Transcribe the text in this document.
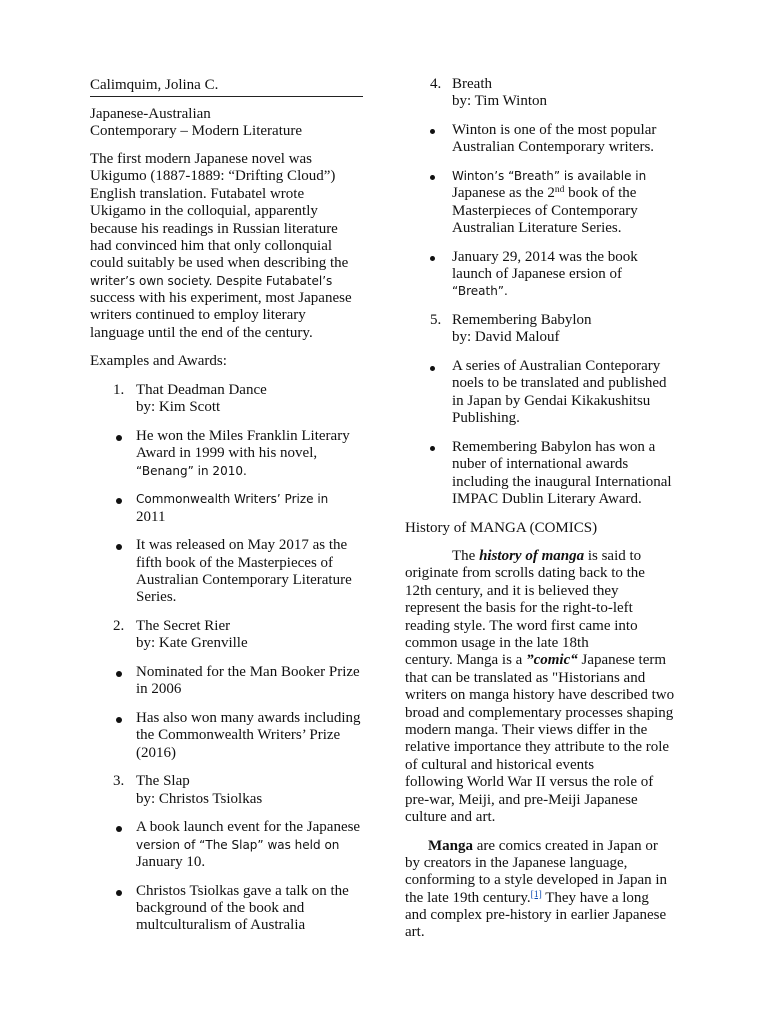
Calimquim, Jolina C.
Japanese-Australian
Contemporary – Modern Literature
The first modern Japanese novel was
Ukigumo (1887-1889: “Drifting Cloud”)
English translation. Futabatel wrote
Ukigamo in the colloquial, apparently
because his readings in Russian literature
had convinced him that only collonquial
could suitably be used when describing the
writer’s own society. Despite Futabatel’s
success with his experiment, most Japanese
writers continued to employ literary
language until the end of the century.
Examples and Awards:
1. That Deadman Dance
by: Kim Scott
He won the Miles Franklin Literary
Award in 1999 with his novel,
“Benang” in 2010.
Commonwealth Writers’ Prize in
2011
It was released on May 2017 as the
fifth book of the Masterpieces of
Australian Contemporary Literature
Series.
2. The Secret Rier
by: Kate Grenville
Nominated for the Man Booker Prize
in 2006
Has also won many awards including
the Commonwealth Writers’ Prize
(2016)
3. The Slap
by: Christos Tsiolkas
A book launch event for the Japanese
version of “The Slap” was held on
January 10.
Christos Tsiolkas gave a talk on the
background of the book and
multculturalism of Australia
4. Breath
by: Tim Winton
Winton is one of the most popular
Australian Contemporary writers.
Winton’s “Breath” is available in
Japanese as the 2nd book of the
Masterpieces of Contemporary
Australian Literature Series.
January 29, 2014 was the book
launch of Japanese ersion of
“Breath”.
5. Remembering Babylon
by: David Malouf
A series of Australian Conteporary
noels to be translated and published
in Japan by Gendai Kikakushitsu
Publishing.
Remembering Babylon has won a
nuber of international awards
including the inaugural International
IMPAC Dublin Literary Award.
History of MANGA (COMICS)
The history of manga is said to
originate from scrolls dating back to the
12th century, and it is believed they
represent the basis for the right-to-left
reading style. The word first came into
common usage in the late 18th
century. Manga is a ”comic“ Japanese term
that can be translated as "Historians and
writers on manga history have described two
broad and complementary processes shaping
modern manga. Their views differ in the
relative importance they attribute to the role
of cultural and historical events
following World War II versus the role of
pre-war, Meiji, and pre-Meiji Japanese
culture and art.
Manga are comics created in Japan or
by creators in the Japanese language,
conforming to a style developed in Japan in
the late 19th century.[1] They have a long
and complex pre-history in earlier Japanese
art.
